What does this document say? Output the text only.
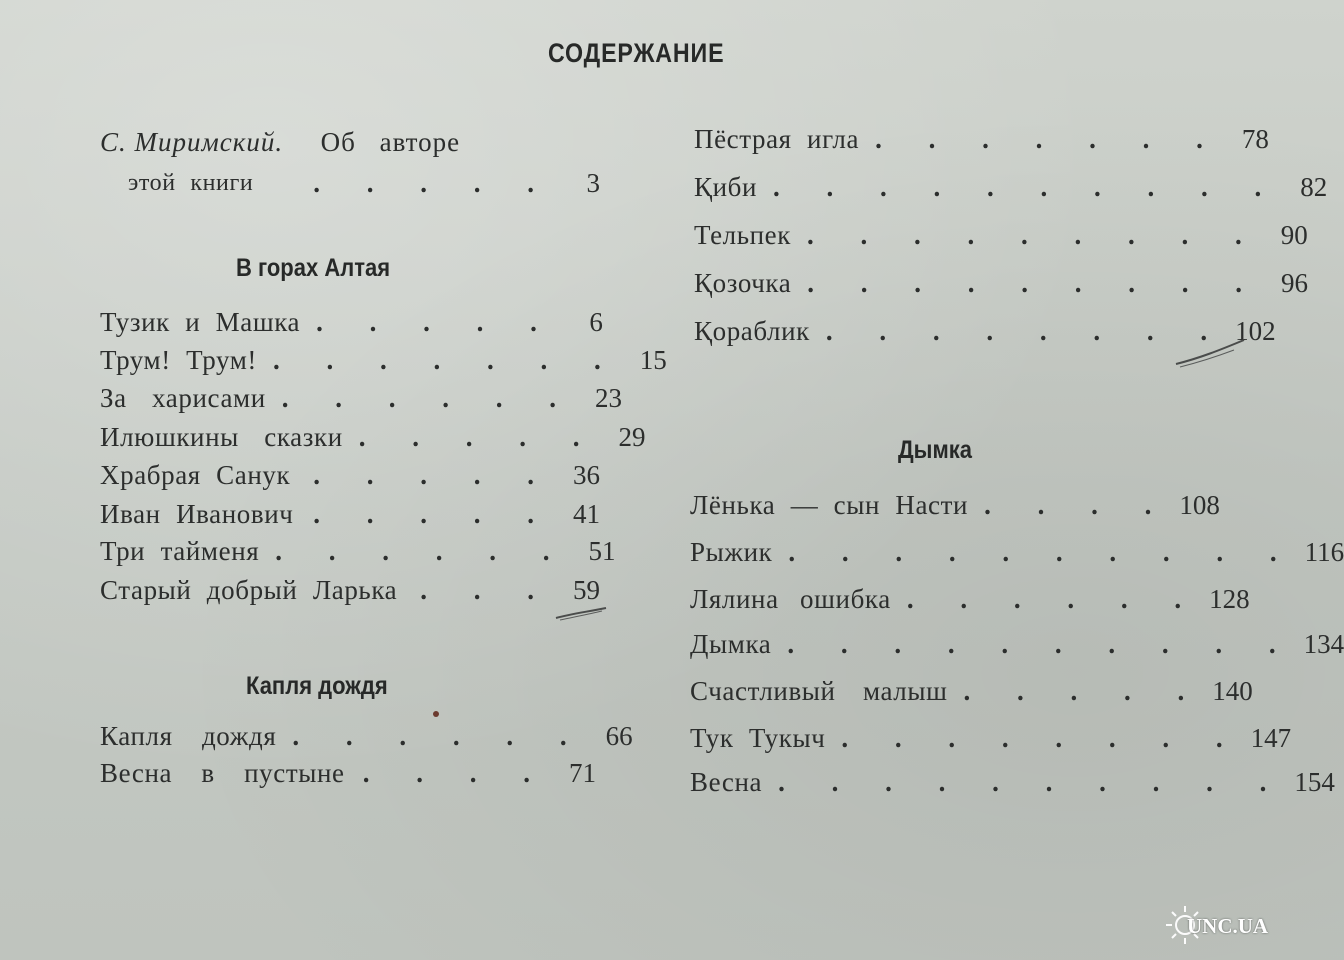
СОДЕРЖАНИЕ
С. Миримский. Об авторе
этой книги	. . . . .	3
В горах Алтая
Тузик и Машка . . . . .	6
Трум! Трум! . . . . . . . 15
За харисами . . . . . . 23
Илюшкины сказки . . . . . 29
Храбрая Санук . . . . . 36
Иван Иванович . . . . . 41
Три тайменя . . . . . . 51
Старый добрый Ларька . . . 59
Капля дождя
Капля дождя . . . . . . 66
Весна в пустыне . . . . 71
Пёстрая игла . . . . . . . 78
Қиби . . . . . . . . . . 82
Тельпек . . . . . . . . . 90
Қозочка . . . . . . . . . 96
Қораблик . . . . . . . . 102
Дымка
Лёнька — сын Насти . . . . 108
Рыжик . . . . . . . . . . 116
Лялина ошибка . . . . . . 128
Дымка . . . . . . . . . . 134
Счастливый малыш . . . . . 140
Тук Тукыч . . . . . . . . 147
Весна . . . . . . . . . . 154
UNC.UA
